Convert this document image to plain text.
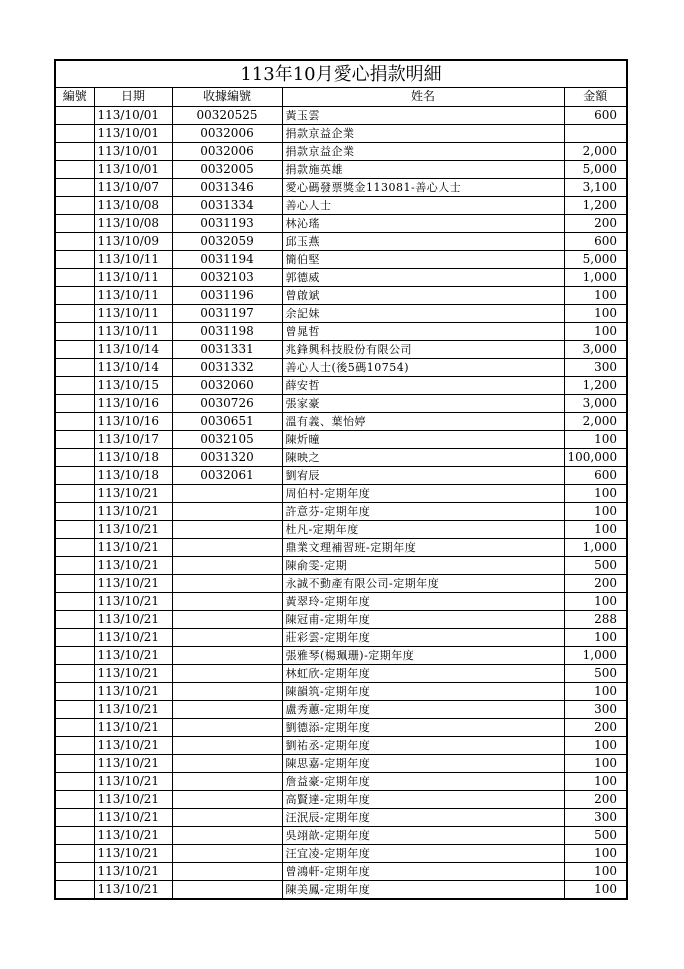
113年10月愛心捐款明細
編號	日期	收據編號	姓名	金額
	113/10/01	00320525	黃玉雲	600
	113/10/01	0032006	捐款京益企業	
	113/10/01	0032006	捐款京益企業	2,000
	113/10/01	0032005	捐款施英雄	5,000
	113/10/07	0031346	愛心碼發票獎金113081-善心人士	3,100
	113/10/08	0031334	善心人士	1,200
	113/10/08	0031193	林沁瑤	200
	113/10/09	0032059	邱玉燕	600
	113/10/11	0031194	簡伯堅	5,000
	113/10/11	0032103	郭德威	1,000
	113/10/11	0031196	曾啟斌	100
	113/10/11	0031197	余記妹	100
	113/10/11	0031198	曾晁哲	100
	113/10/14	0031331	兆鋒興科技股份有限公司	3,000
	113/10/14	0031332	善心人士(後5碼10754)	300
	113/10/15	0032060	薛安哲	1,200
	113/10/16	0030726	張家豪	3,000
	113/10/16	0030651	溫有義、葉怡婷	2,000
	113/10/17	0032105	陳炘曈	100
	113/10/18	0031320	陳映之	100,000
	113/10/18	0032061	劉宥辰	600
	113/10/21		周伯村-定期年度	100
	113/10/21		許意芬-定期年度	100
	113/10/21		杜凡-定期年度	100
	113/10/21		鼎業文理補習班-定期年度	1,000
	113/10/21		陳俞雯-定期	500
	113/10/21		永誠不動產有限公司-定期年度	200
	113/10/21		黃翠玲-定期年度	100
	113/10/21		陳冠甫-定期年度	288
	113/10/21		莊彩雲-定期年度	100
	113/10/21		張雅琴(楊珮珊)-定期年度	1,000
	113/10/21		林虹欣-定期年度	500
	113/10/21		陳韻筑-定期年度	100
	113/10/21		盧秀蕙-定期年度	300
	113/10/21		劉德添-定期年度	200
	113/10/21		劉祐丞-定期年度	100
	113/10/21		陳思嘉-定期年度	100
	113/10/21		詹益豪-定期年度	100
	113/10/21		高賢達-定期年度	200
	113/10/21		汪泯辰-定期年度	300
	113/10/21		吳翊歆-定期年度	500
	113/10/21		汪宜凌-定期年度	100
	113/10/21		曾鴻軒-定期年度	100
	113/10/21		陳美鳳-定期年度	100
